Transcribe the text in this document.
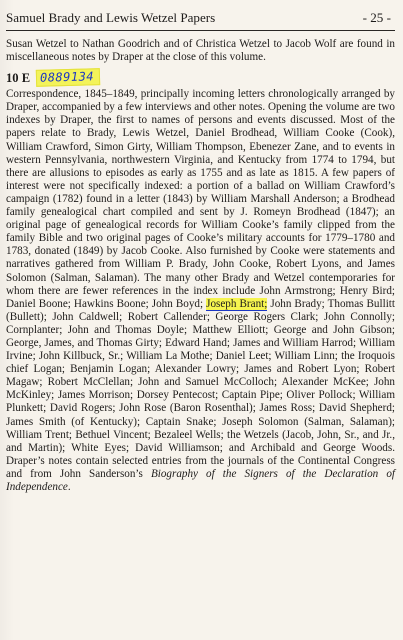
Samuel Brady and Lewis Wetzel Papers	- 25 -

Susan Wetzel to Nathan Goodrich and of Christica Wetzel to Jacob Wolf are found in miscellaneous notes by Draper at the close of this volume.

10 E 0889134

Correspondence, 1845–1849, principally incoming letters chronologically arranged by Draper, accompanied by a few interviews and other notes. Opening the volume are two indexes by Draper, the first to names of persons and events discussed. Most of the papers relate to Brady, Lewis Wetzel, Daniel Brodhead, William Cooke (Cook), William Crawford, Simon Girty, William Thompson, Ebenezer Zane, and to events in western Pennsylvania, northwestern Virginia, and Kentucky from 1774 to 1794, but there are allusions to episodes as early as 1755 and as late as 1815. A few papers of interest were not specifically indexed: a portion of a ballad on William Crawford’s campaign (1782) found in a letter (1843) by William Marshall Anderson; a Brodhead family genealogical chart compiled and sent by J. Romeyn Brodhead (1847); an original page of genealogical records for William Cooke’s family clipped from the family Bible and two original pages of Cooke’s military accounts for 1779–1780 and 1783, donated (1849) by Jacob Cooke. Also furnished by Cooke were statements and narratives gathered from William P. Brady, John Cooke, Robert Lyons, and James Solomon (Salman, Salaman). The many other Brady and Wetzel contemporaries for whom there are fewer references in the index include John Armstrong; Henry Bird; Daniel Boone; Hawkins Boone; John Boyd; Joseph Brant; John Brady; Thomas Bullitt (Bullett); John Caldwell; Robert Callender; George Rogers Clark; John Connolly; Cornplanter; John and Thomas Doyle; Matthew Elliott; George and John Gibson; George, James, and Thomas Girty; Edward Hand; James and William Harrod; William Irvine; John Killbuck, Sr.; William La Mothe; Daniel Leet; William Linn; the Iroquois chief Logan; Benjamin Logan; Alexander Lowry; James and Robert Lyon; Robert Magaw; Robert McClellan; John and Samuel McColloch; Alexander McKee; John McKinley; James Morrison; Dorsey Pentecost; Captain Pipe; Oliver Pollock; William Plunkett; David Rogers; John Rose (Baron Rosenthal); James Ross; David Shepherd; James Smith (of Kentucky); Captain Snake; Joseph Solomon (Salman, Salaman); William Trent; Bethuel Vincent; Bezaleel Wells; the Wetzels (Jacob, John, Sr., and Jr., and Martin); White Eyes; David Williamson; and Archibald and George Woods. Draper’s notes contain selected entries from the journals of the Continental Congress and from John Sanderson’s Biography of the Signers of the Declaration of Independence.
